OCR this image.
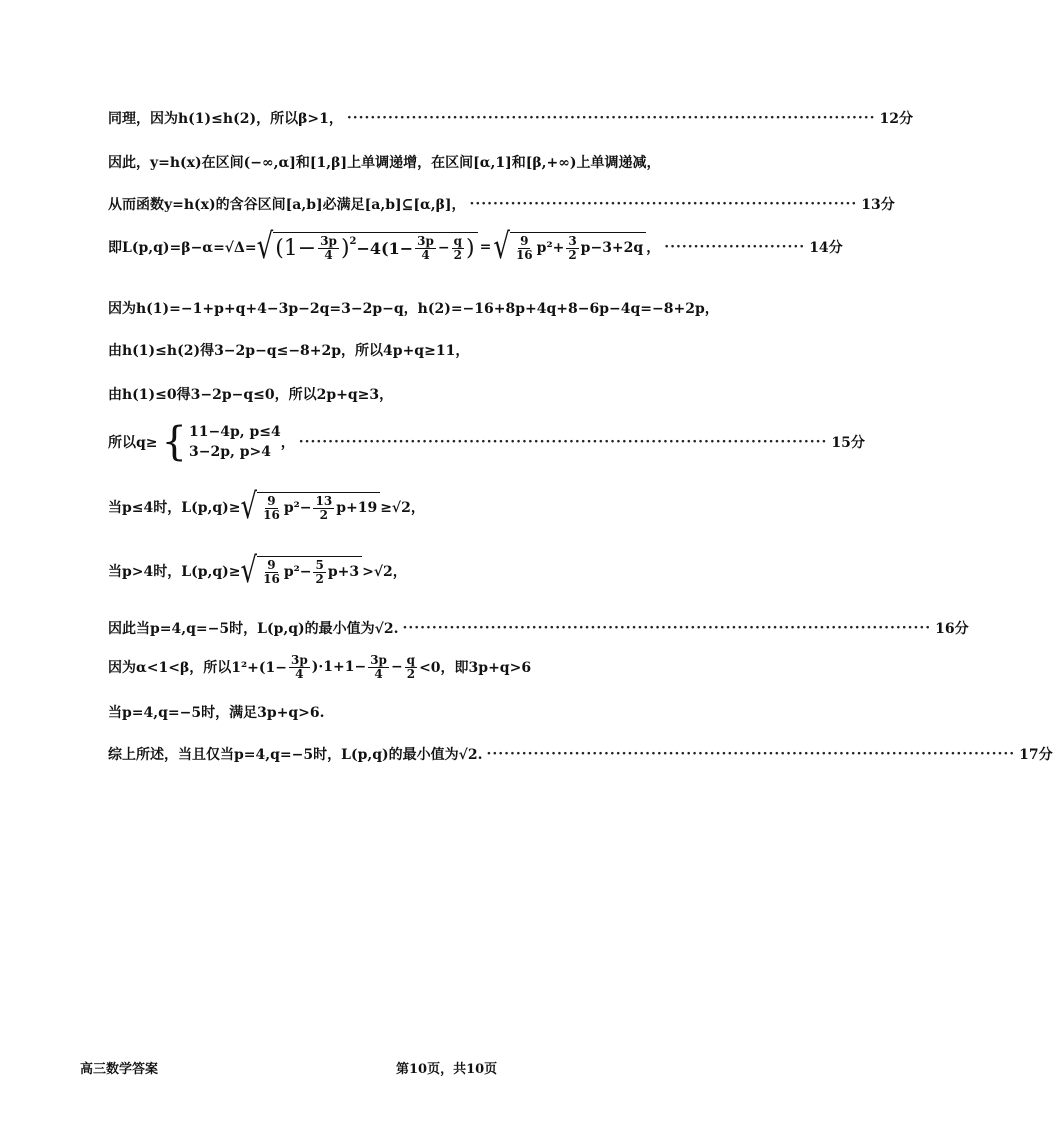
同理，因为h(1)≤h(2)，所以β>1， ·························································································· 12分
因此，y=h(x)在区间(−∞,α]和[1,β]上单调递增，在区间[α,1]和[β,+∞)上单调递减，
从而函数y=h(x)的含谷区间[a,b]必满足[a,b]⊆[α,β]， ·································································· 13分
即L(p,q)=β−α=√Δ= √ $(1- \frac{3p}{4} )^2 -4(1- \frac{3p}{4} - \frac{q}{2}$ ) = √ $\frac{9}{16} p^2+ \frac{3}{2} p-3+2q$ ， ························ 14分
因为h(1)=−1+p+q+4−3p−2q=3−2p−q，h(2)=−16+8p+4q+8−6p−4q=−8+2p，
由h(1)≤h(2)得3−2p−q≤−8+2p，所以4p+q≥11，
由h(1)≤0得3−2p−q≤0，所以2p+q≥3，
所以q≥ { 11−4p, p≤4
3−2p, p>4
， ·························································································· 15分
当p≤4时，L(p,q)≥ √ $\frac{9}{16} p^2- \frac{13}{2} p+19 \ge√2$，
当p>4时，L(p,q)≥ √ $\frac{9}{16} p^2- \frac{5}{2} p+3 >√2$，
因此当p=4,q=−5时，L(p,q)的最小值为√2. ·························································································· 16分
因为α<1<β，所以$1^2+(1- \frac{3p}{4} )\cdot 1+1- \frac{3p}{4} - \frac{q}{2} <0$，即3p+q>6
当p=4,q=−5时，满足3p+q>6.
综上所述，当且仅当p=4,q=−5时，L(p,q)的最小值为√2. ·························································································· 17分
高三数学答案	第10页，共10页
